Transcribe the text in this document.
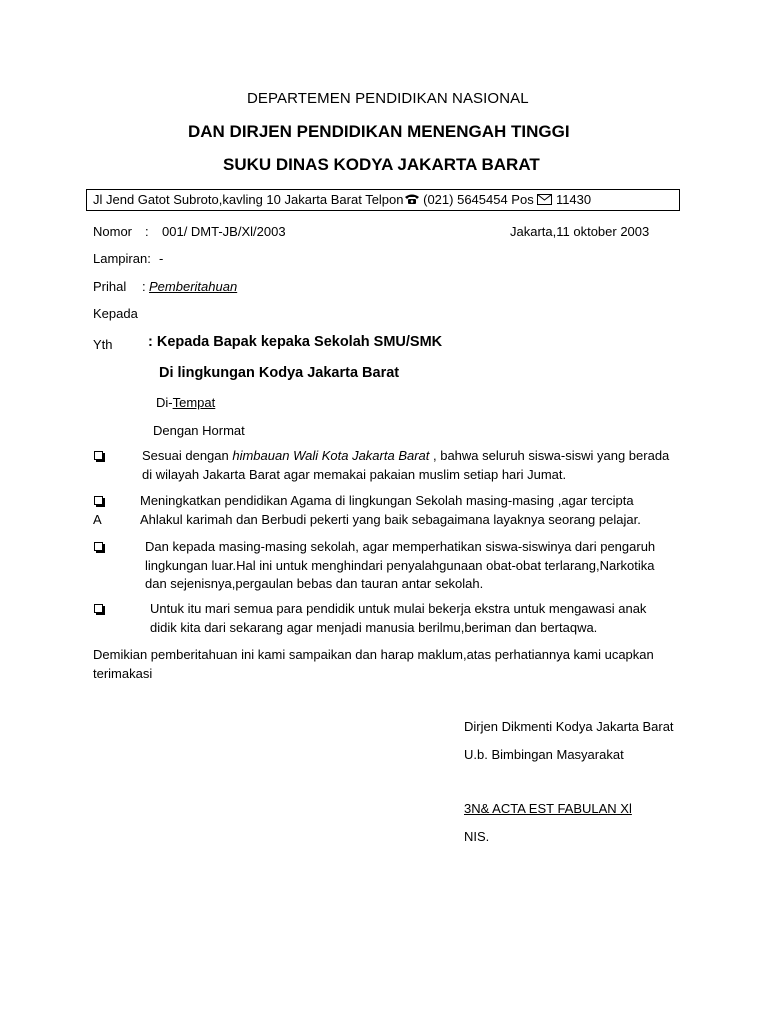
DEPARTEMEN PENDIDIKAN NASIONAL
DAN DIRJEN PENDIDIKAN MENENGAH TINGGI
SUKU DINAS KODYA JAKARTA BARAT
Jl Jend Gatot Subroto,kavling 10 Jakarta Barat Telpon (021) 5645454 Pos  11430
Nomor : 001/ DMT-JB/Xl/2003	Jakarta,11 oktober 2003
Lampiran: -
Prihal : Pemberitahuan
Kepada
Yth : Kepada Bapak kepaka Sekolah SMU/SMK
Di lingkungan Kodya Jakarta Barat
Di-Tempat
Dengan Hormat
Sesuai dengan himbauan Wali Kota Jakarta Barat , bahwa seluruh siswa-siswi yang berada
di wilayah Jakarta Barat agar memakai pakaian muslim setiap hari Jumat.
Meningkatkan pendidikan Agama di lingkungan Sekolah masing-masing ,agar tercipta
Ahlakul karimah dan Berbudi pekerti yang baik sebagaimana layaknya seorang pelajar.
A
Dan kepada masing-masing sekolah, agar memperhatikan siswa-siswinya dari pengaruh
lingkungan luar.Hal ini untuk menghindari penyalahgunaan obat-obat terlarang,Narkotika
dan sejenisnya,pergaulan bebas dan tauran antar sekolah.
Untuk itu mari semua para pendidik untuk mulai bekerja ekstra untuk mengawasi anak
didik kita dari sekarang agar menjadi manusia berilmu,beriman dan bertaqwa.
Demikian pemberitahuan ini kami sampaikan dan harap maklum,atas perhatiannya kami ucapkan
terimakasi
Dirjen Dikmenti Kodya Jakarta Barat
U.b. Bimbingan Masyarakat
3N& ACTA EST FABULAN Xl
NIS.
